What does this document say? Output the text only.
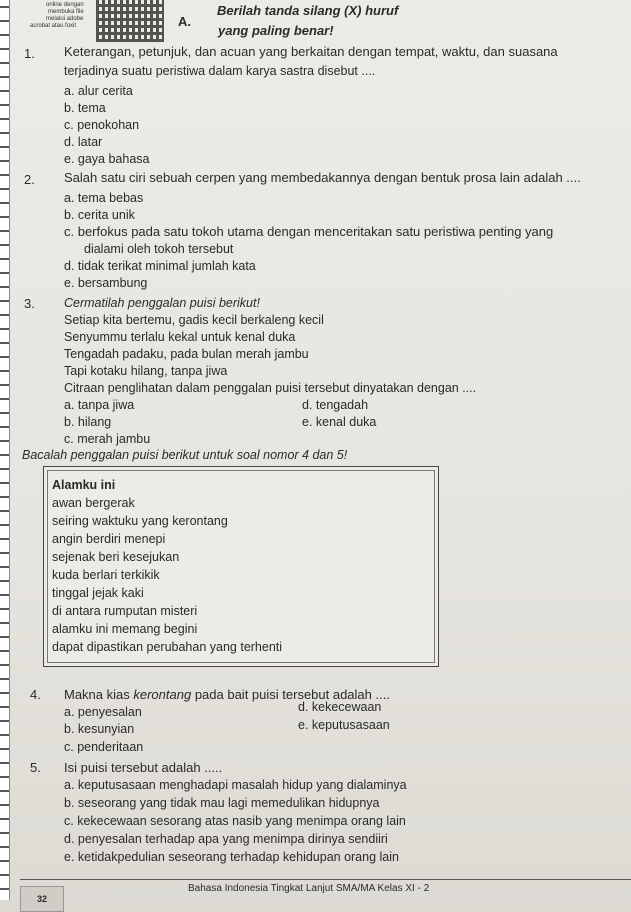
online dengan
membuka file
melalui adobe
acrobat atau foxit	A.
Berilah tanda silang (X) huruf
yang paling benar!
1. Keterangan, petunjuk, dan acuan yang berkaitan dengan tempat, waktu, dan suasana
terjadinya suatu peristiwa dalam karya sastra disebut ....
a. alur cerita
b. tema
c. penokohan
d. latar
e. gaya bahasa
2. Salah satu ciri sebuah cerpen yang membedakannya dengan bentuk prosa lain adalah ....
a. tema bebas
b. cerita unik
c. berfokus pada satu tokoh utama dengan menceritakan satu peristiwa penting yang
dialami oleh tokoh tersebut
d. tidak terikat minimal jumlah kata
e. bersambung
3. Cermatilah penggalan puisi berikut!
Setiap kita bertemu, gadis kecil berkaleng kecil
Senyummu terlalu kekal untuk kenal duka
Tengadah padaku, pada bulan merah jambu
Tapi kotaku hilang, tanpa jiwa
Citraan penglihatan dalam penggalan puisi tersebut dinyatakan dengan ....
a. tanpa jiwa
b. hilang
c. merah jambu
d. tengadah
e. kenal duka
Bacalah penggalan puisi berikut untuk soal nomor 4 dan 5!
Alamku ini
awan bergerak
seiring waktuku yang kerontang
angin berdiri menepi
sejenak beri kesejukan
kuda berlari terkikik
tinggal jejak kaki
di antara rumputan misteri
alamku ini memang begini
dapat dipastikan perubahan yang terhenti
4. Makna kias kerontang pada bait puisi tersebut adalah ....
a. penyesalan
b. kesunyian
c. penderitaan
d. kekecewaan
e. keputusasaan
5. Isi puisi tersebut adalah .....
a. keputusasaan menghadapi masalah hidup yang dialaminya
b. seseorang yang tidak mau lagi memedulikan hidupnya
c. kekecewaan sesorang atas nasib yang menimpa orang lain
d. penyesalan terhadap apa yang menimpa dirinya sendiiri
e. ketidakpedulian seseorang terhadap kehidupan orang lain
Bahasa Indonesia Tingkat Lanjut SMA/MA Kelas XI - 2
32
